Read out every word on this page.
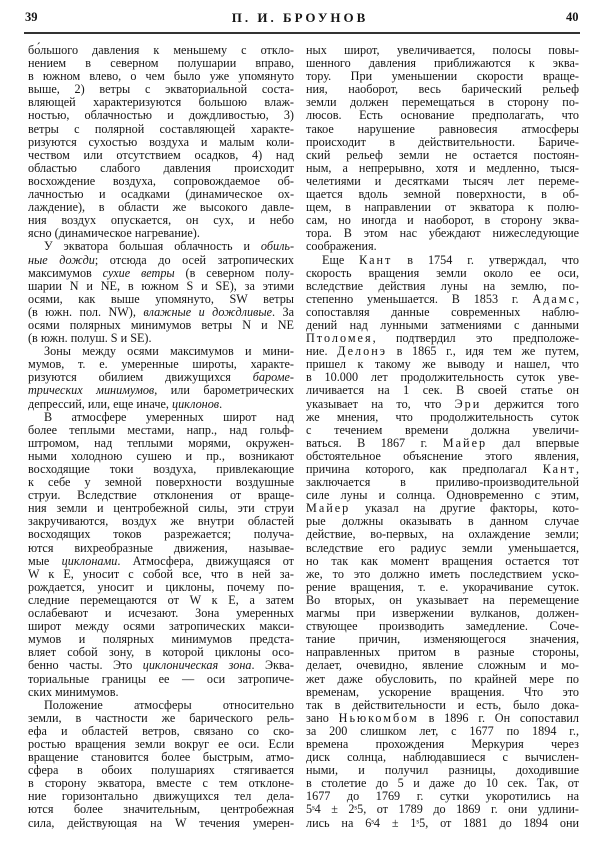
39	П. И. БРОУНОВ	40
бо́льшого давления к меньшему с откло-
нением в северном полушарии вправо,
в южном влево, о чем было уже упомянуто
выше, 2) ветры с экваториальной соста-
вляющей характеризуются большою влаж-
ностью, облачностью и дождливостью, 3)
ветры с полярной составляющей характе-
ризуются сухостью воздуха и малым коли-
чеством или отсутствием осадков, 4) над
областью слабого давления происходит
восхождение воздуха, сопровождаемое об-
лачностью и осадками (динамическое ох-
лаждение), в области же высокого давле-
ния воздух опускается, он сух, и небо
ясно (динамическое нагревание).
У экватора большая облачность и обиль-
ные дожди; отсюда до осей затропических
максимумов сухие ветры (в северном полу-
шарии N и NE, в южном S и SE), за этими
осями, как выше упомянуто, SW ветры
(в южн. пол. NW), влажные и дождливые. За
осями полярных минимумов ветры N и NE
(в южн. полуш. S и SE).
Зоны между осями максимумов и мини-
мумов, т. е. умеренные широты, характе-
ризуются обилием движущихся бароме-
трических минимумов, или барометрических
депрессий, или, еще иначе, циклонов.
В атмосфере умеренных широт над
более теплыми местами, напр., над гольф-
штромом, над теплыми морями, окружен-
ными холодною сушею и пр., возникают
восходящие токи воздуха, привлекающие
к себе у земной поверхности воздушные
струи. Вследствие отклонения от враще-
ния земли и центробежной силы, эти струи
закручиваются, воздух же внутри областей
восходящих токов разрежается; получа-
ются вихреобразные движения, называе-
мые циклонами. Атмосфера, движущаяся от
W к E, уносит с собой все, что в ней за-
рождается, уносит и циклоны, почему по-
следние перемещаются от W к E, а затем
ослабевают и исчезают. Зона умеренных
широт между осями затропических макси-
мумов и полярных минимумов предста-
вляет собой зону, в которой циклоны осо-
бенно часты. Это циклоническая зона. Эква-
ториальные границы ее — оси затропиче-
ских минимумов.
Положение атмосферы относительно
земли, в частности же барического рель-
ефа и областей ветров, связано со ско-
ростью вращения земли вокруг ее оси. Если
вращение становится более быстрым, атмо-
сфера в обоих полушариях стягивается
в сторону экватора, вместе с тем отклоне-
ние горизонтально движущихся тел дела-
ются более значительным, центробежная
сила, действующая на W течения умерен-
ных широт, увеличивается, полосы повы-
шенного давления приближаются к эква-
тору. При уменьшении скорости враще-
ния, наоборот, весь барический рельеф
земли должен перемещаться в сторону по-
люсов. Есть основание предполагать, что
такое нарушение равновесия атмосферы
происходит в действительности. Бариче-
ский рельеф земли не остается постоян-
ным, а непрерывно, хотя и медленно, тыся-
челетиями и десятками тысяч лет переме-
щается вдоль земной поверхности, в об-
щем, в направлении от экватора к полю-
сам, но иногда и наоборот, в сторону эква-
тора. В этом нас убеждают нижеследующие
соображения.
Еще Кант в 1754 г. утверждал, что
скорость вращения земли около ее оси,
вследствие действия луны на землю, по-
степенно уменьшается. В 1853 г. Адамс,
сопоставляя данные современных наблю-
дений над лунными затмениями с данными
Птоломея, подтвердил это предположе-
ние. Делонэ в 1865 г., идя тем же путем,
пришел к такому же выводу и нашел, что
в 10.000 лет продолжительность суток уве-
личивается на 1 сек. В своей статье он
указывает на то, что Эри держится того
же мнения, что продолжительность суток
с течением времени должна увеличи-
ваться. В 1867 г. Майер дал впервые
обстоятельное объяснение этого явления,
причина которого, как предполагал Кант,
заключается в приливо-производительной
силе луны и солнца. Одновременно с этим,
Майер указал на другие факторы, кото-
рые должны оказывать в данном случае
действие, во-первых, на охлаждение земли;
вследствие его радиус земли уменьшается,
но так как момент вращения остается тот
же, то это должно иметь последствием уско-
рение вращения, т. е. укорачивание суток.
Во вторых, он указывает на перемещение
магмы при извержении вулканов, должен-
ствующее производить замедление. Соче-
тание причин, изменяющегося значения,
направленных притом в разные стороны,
делает, очевидно, явление сложным и мо-
жет даже обусловить, по крайней мере по
временам, ускорение вращения. Что это
так в действительности и есть, было дока-
зано Ньюкомбом в 1896 г. Он сопоставил
за 200 слишком лет, с 1677 по 1894 г.,
времена прохождения Меркурия через
диск солнца, наблюдавшиеся с вычислен-
ными, и получил разницы, доходившие
в столетие до 5 и даже до 10 сек. Так, от
1677 до 1769 г. сутки укоротились на
5ˢ4 ± 2ˢ5, от 1789 до 1869 г. они удлини-
лись на 6ˢ4 ± 1ˢ5, от 1881 до 1894 они
